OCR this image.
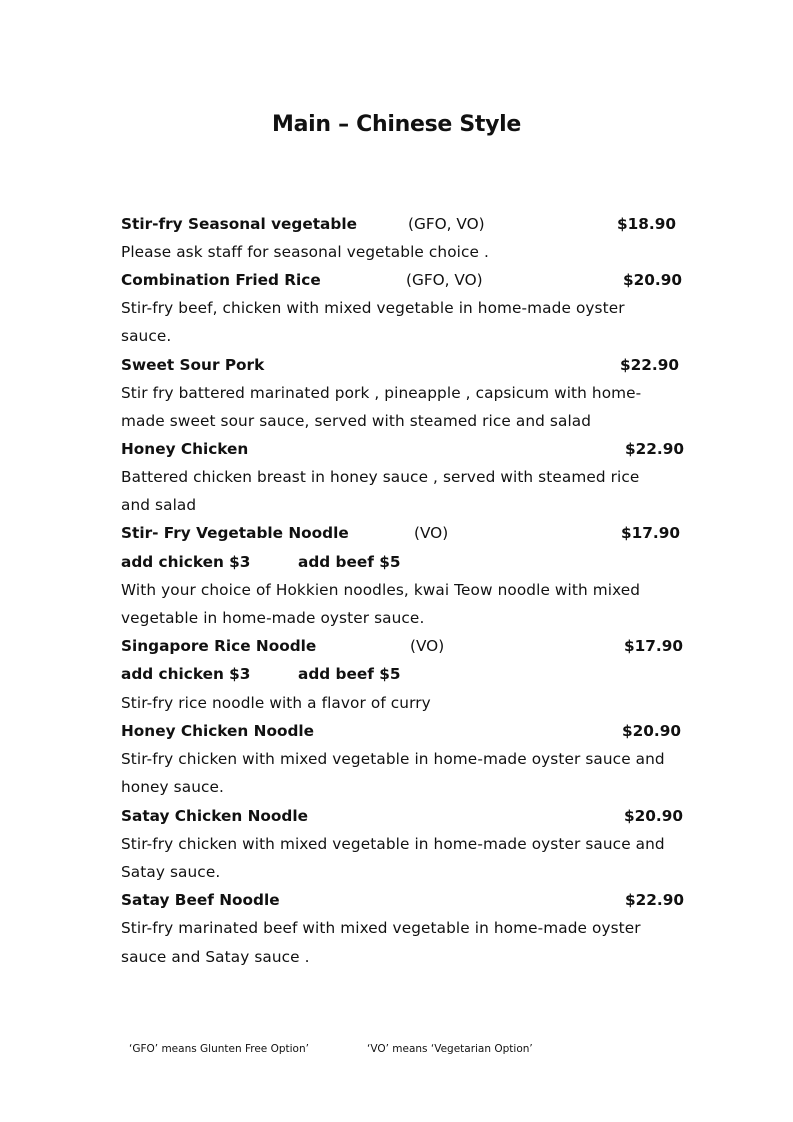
Main – Chinese Style
Stir-fry Seasonal vegetable	(GFO, VO)	$18.90
Please ask staff for seasonal vegetable choice .
Combination Fried Rice	(GFO, VO)	$20.90
Stir-fry beef, chicken with mixed vegetable in home-made oyster
sauce.
Sweet Sour Pork	$22.90
Stir fry battered marinated pork , pineapple , capsicum with home-
made sweet sour sauce, served with steamed rice and salad
Honey Chicken	$22.90
Battered chicken breast in honey sauce , served with steamed rice
and salad
Stir- Fry Vegetable Noodle	(VO)	$17.90
add chicken $3	add beef $5
With your choice of Hokkien noodles, kwai Teow noodle with mixed
vegetable in home-made oyster sauce.
Singapore Rice Noodle	(VO)	$17.90
add chicken $3	add beef $5
Stir-fry rice noodle with a flavor of curry
Honey Chicken Noodle	$20.90
Stir-fry chicken with mixed vegetable in home-made oyster sauce and
honey sauce.
Satay Chicken Noodle	$20.90
Stir-fry chicken with mixed vegetable in home-made oyster sauce and
Satay sauce.
Satay Beef Noodle	$22.90
Stir-fry marinated beef with mixed vegetable in home-made oyster
sauce and Satay sauce .
‘GFO’ means Glunten Free Option’	‘VO’ means ‘Vegetarian Option’
